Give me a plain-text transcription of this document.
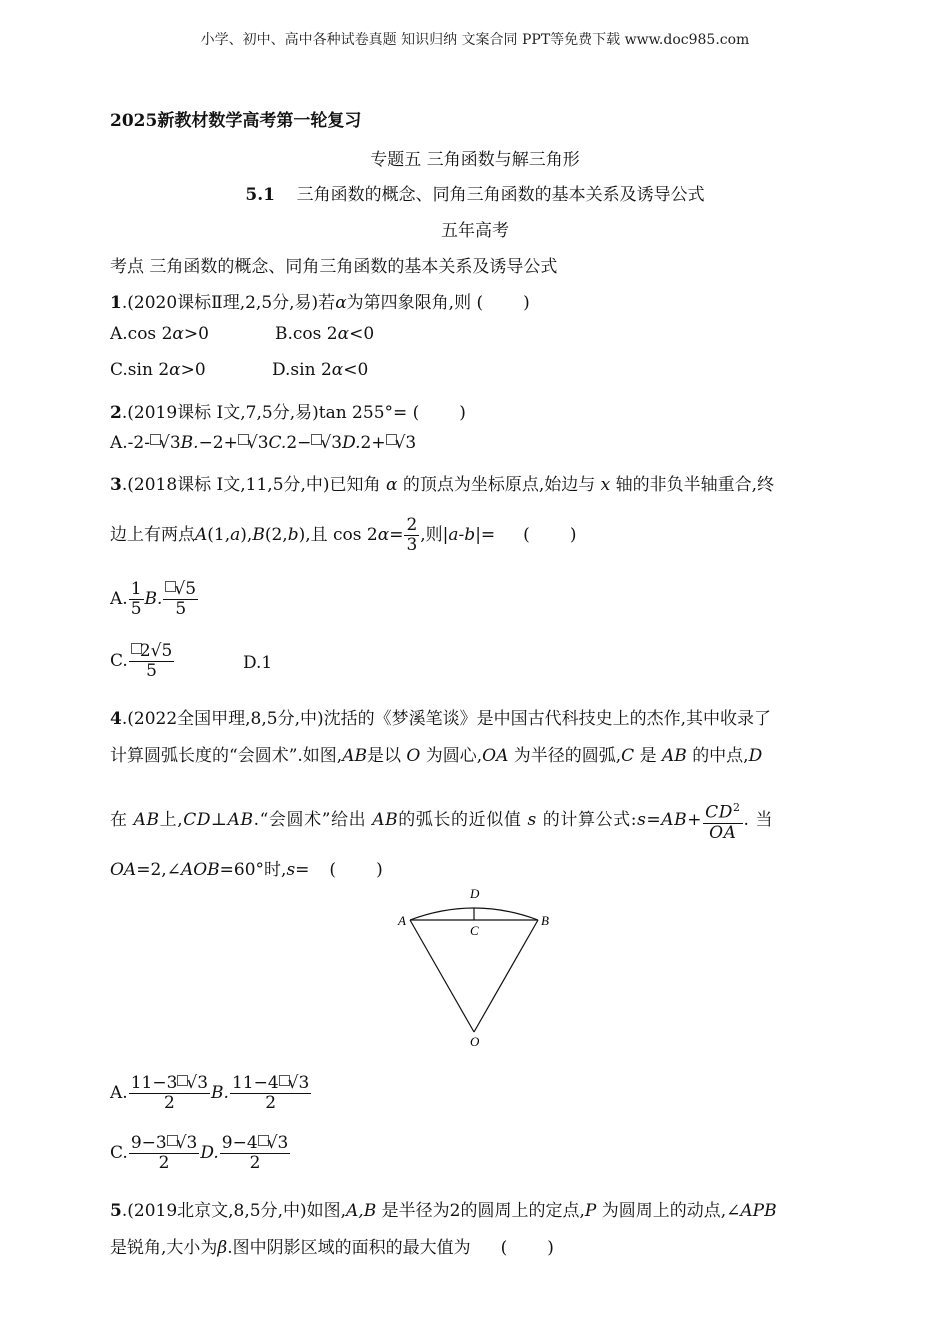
小学、初中、高中各种试卷真题 知识归纳 文案合同 PPT等免费下载 www.doc985.com
2025新教材数学高考第一轮复习
专题五 三角函数与解三角形
5.1 三角函数的概念、同角三角函数的基本关系及诱导公式
五年高考
考点 三角函数的概念、同角三角函数的基本关系及诱导公式
1.(2020课标Ⅱ理,2,5分,易)若α为第四象限角,则 ( )
A.cos 2α>0	B.cos 2α<0
C.sin 2α>0	D.sin 2α<0
2.(2019课标 Ⅰ文,7,5分,易)tan 255°= ( )
A.-2- √3B.−2+ √3C.2− √3D.2+ √3
3.(2018课标 Ⅰ文,11,5分,中)已知角 α 的顶点为坐标原点,始边与 x 轴的非负半轴重合,终
边上有两点A(1,a),B(2,b),且 $\cos 2\alpha= \frac{2}{3}$ ,则|a-b|= ( )
A. $\frac{1}{5} B$. $\frac{√5}{5}$
C. $\frac{2√5}{5}$	D.1
4.(2022全国甲理,8,5分,中)沈括的《梦溪笔谈》是中国古代科技史上的杰作,其中收录了
计算圆弧长度的“会圆术”.如图,AB是以 O 为圆心,OA 为半径的圆弧,C 是 AB 的中点,D
在 AB上,CD⊥AB.“会圆术”给出 AB的弧长的近似值 s 的计算公式:s=AB+ $\frac{CD^2}{OA}$ . 当
OA=2,∠AOB=60°时,s= ( )
A	B
C
D
O
A. $\frac{11-3 √3}{2} B$. $\frac{11-4 √3}{2}$
C. $\frac{9-3 √3}{2} D$. $\frac{9-4 √3}{2}$
5.(2019北京文,8,5分,中)如图,A,B 是半径为2的圆周上的定点,P 为圆周上的动点,∠APB
是锐角,大小为β.图中阴影区域的面积的最大值为 ( )
